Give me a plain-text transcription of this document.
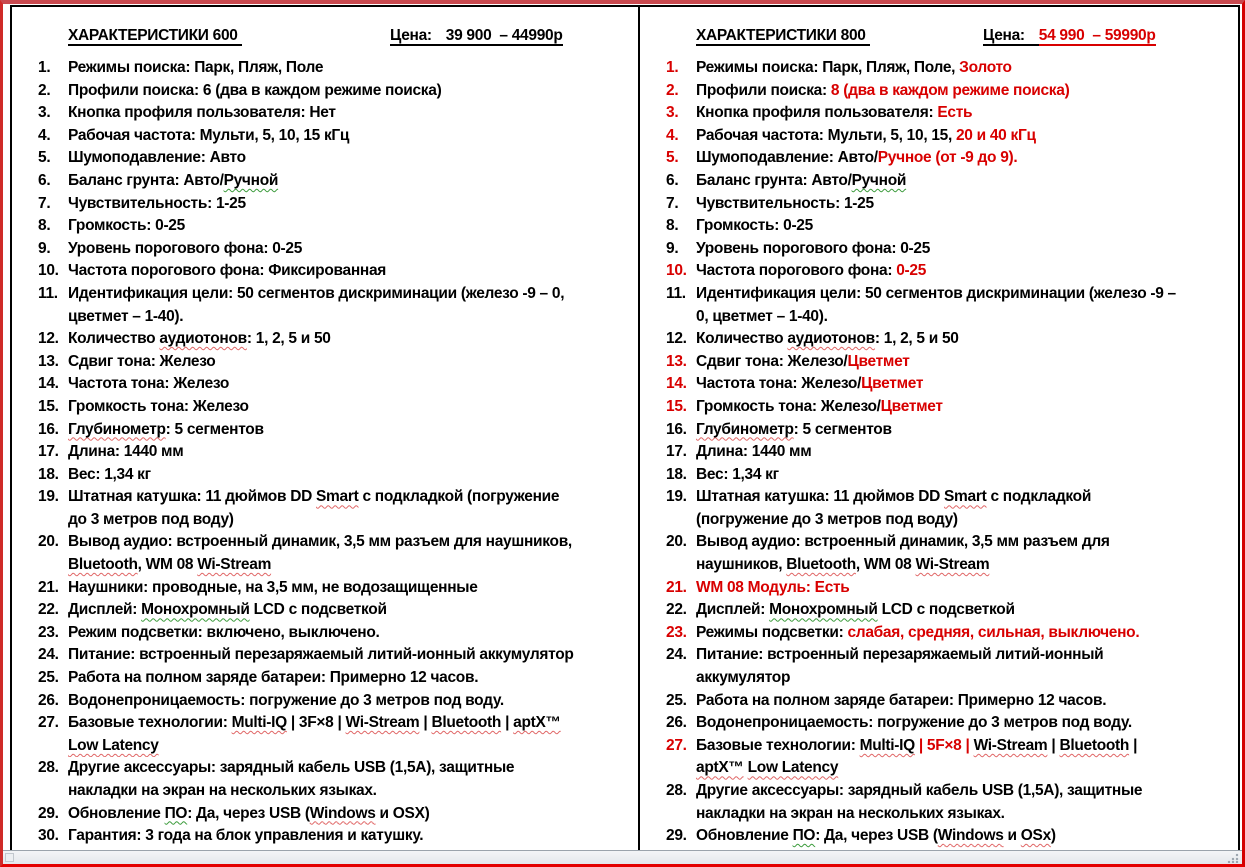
ХАРАКТЕРИСТИКИ 600	Цена: 39 900  – 44990р
1.	Режимы поиска: Парк, Пляж, Поле
2.	Профили поиска: 6 (два в каждом режиме поиска)
3.	Кнопка профиля пользователя: Нет
4.	Рабочая частота: Мульти, 5, 10, 15 кГц
5.	Шумоподавление: Авто
6.	Баланс грунта: Авто/Ручной
7.	Чувствительность: 1-25
8.	Громкость: 0-25
9.	Уровень порогового фона: 0-25
10. Частота порогового фона: Фиксированная
11. Идентификация цели: 50 сегментов дискриминации (железо -9 – 0,
цветмет – 1-40).
12. Количество аудиотонов: 1, 2, 5 и 50
13. Сдвиг тона: Железо
14. Частота тона: Железо
15. Громкость тона: Железо
16. Глубинометр: 5 сегментов
17. Длина: 1440 мм
18. Вес: 1,34 кг
19. Штатная катушка: 11 дюймов DD Smart с подкладкой (погружение
до 3 метров под воду)
20. Вывод аудио: встроенный динамик, 3,5 мм разъем для наушников,
Bluetooth, WM 08 Wi-Stream
21. Наушники: проводные, на 3,5 мм, не водозащищенные
22. Дисплей: Монохромный LCD с подсветкой
23. Режим подсветки: включено, выключено.
24. Питание: встроенный перезаряжаемый литий-ионный аккумулятор
25. Работа на полном заряде батареи: Примерно 12 часов.
26. Водонепроницаемость: погружение до 3 метров под воду.
27. Базовые технологии: Multi-IQ | 3F×8 | Wi-Stream | Bluetooth | aptX™
Low Latency
28. Другие аксессуары: зарядный кабель USB (1,5А), защитные
накладки на экран на нескольких языках.
29. Обновление ПО: Да, через USB (Windows и OSX)
30. Гарантия: 3 года на блок управления и катушку.
ХАРАКТЕРИСТИКИ 800	Цена: 54 990  – 59990р
1.	Режимы поиска: Парк, Пляж, Поле, Золото
2.	Профили поиска: 8 (два в каждом режиме поиска)
3.	Кнопка профиля пользователя: Есть
4.	Рабочая частота: Мульти, 5, 10, 15, 20 и 40 кГц
5.	Шумоподавление: Авто/Ручное (от -9 до 9).
6.	Баланс грунта: Авто/Ручной
7.	Чувствительность: 1-25
8.	Громкость: 0-25
9.	Уровень порогового фона: 0-25
10. Частота порогового фона: 0-25
11. Идентификация цели: 50 сегментов дискриминации (железо -9 –
0, цветмет – 1-40).
12. Количество аудиотонов: 1, 2, 5 и 50
13. Сдвиг тона: Железо/Цветмет
14. Частота тона: Железо/Цветмет
15. Громкость тона: Железо/Цветмет
16. Глубинометр: 5 сегментов
17. Длина: 1440 мм
18. Вес: 1,34 кг
19. Штатная катушка: 11 дюймов DD Smart с подкладкой
(погружение до 3 метров под воду)
20. Вывод аудио: встроенный динамик, 3,5 мм разъем для
наушников, Bluetooth, WM 08 Wi-Stream
21. WM 08 Модуль: Есть
22. Дисплей: Монохромный LCD с подсветкой
23. Режимы подсветки: слабая, средняя, сильная, выключено.
24. Питание: встроенный перезаряжаемый литий-ионный
аккумулятор
25. Работа на полном заряде батареи: Примерно 12 часов.
26. Водонепроницаемость: погружение до 3 метров под воду.
27. Базовые технологии: Multi-IQ | 5F×8 | Wi-Stream | Bluetooth |
aptX™ Low Latency
28. Другие аксессуары: зарядный кабель USB (1,5А), защитные
накладки на экран на нескольких языках.
29. Обновление ПО: Да, через USB (Windows и OSx)
